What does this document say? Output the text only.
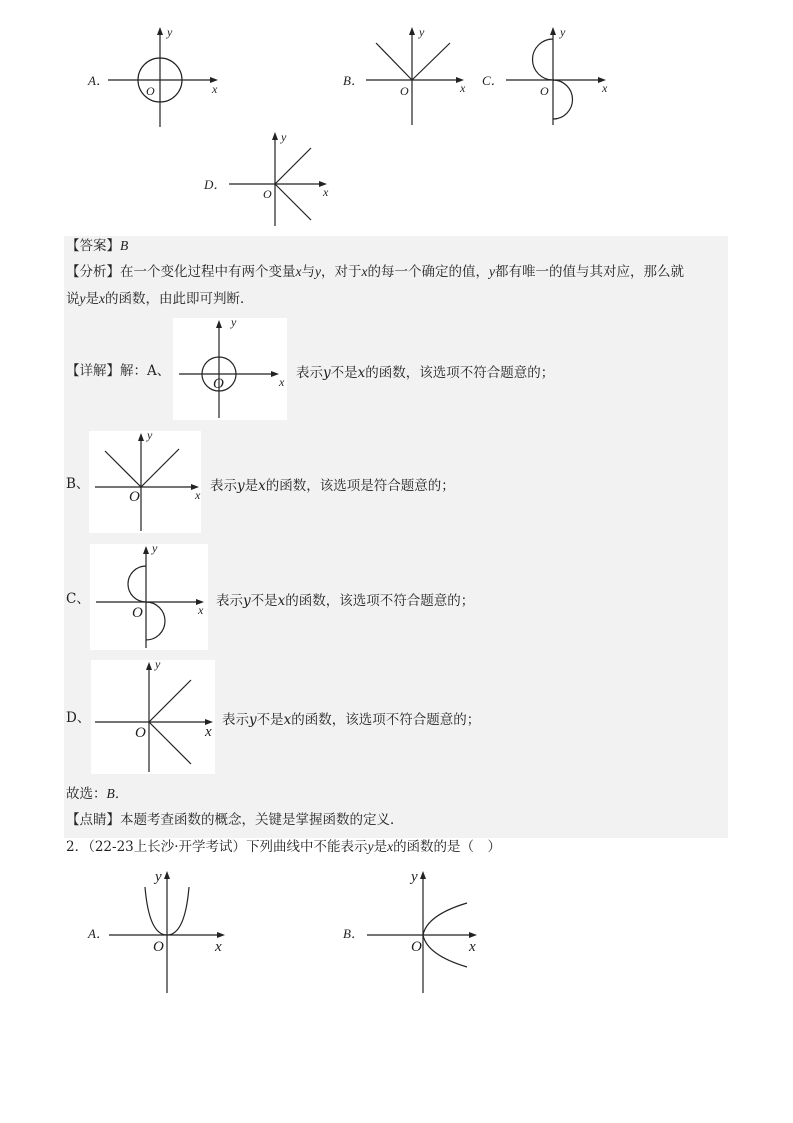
A．
O	x
y
B．
O	x
y
C．
O	x
y
D．
O	x
y
【答案】B
【分析】在一个变化过程中有两个变量x与y，对于x的每一个确定的值，y都有唯一的值与其对应，那么就
说y是x的函数，由此即可判断．
【详解】解：A、
O	x
y
表示y不是x的函数，该选项不符合题意的；
B、
O	x
y
表示y是x的函数，该选项是符合题意的；
C、
O	x
y
表示y不是x的函数，该选项不符合题意的；
D、
O	x
y
表示y不是x的函数，该选项不符合题意的；
故选：B．
【点睛】本题考查函数的概念，关键是掌握函数的定义．
2．（22-23上长沙·开学考试）下列曲线中不能表示y是x的函数的是（　）
A．
O	x
y
B．
O	x
y
